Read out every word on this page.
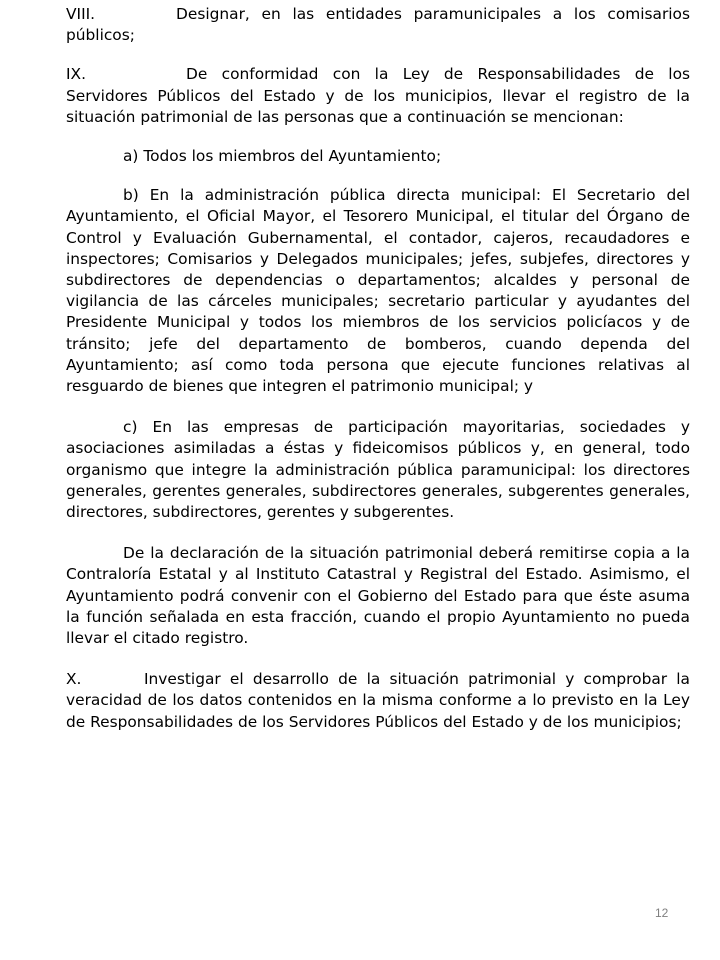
VIII.	Designar, en las entidades paramunicipales a los comisarios públicos;

IX.	De conformidad con la Ley de Responsabilidades de los Servidores Públicos del Estado y de los municipios, llevar el registro de la situación patrimonial de las personas que a continuación se mencionan:

a) Todos los miembros del Ayuntamiento;

b) En la administración pública directa municipal: El Secretario del Ayuntamiento, el Oficial Mayor, el Tesorero Municipal, el titular del Órgano de Control y Evaluación Gubernamental, el contador, cajeros, recaudadores e inspectores; Comisarios y Delegados municipales; jefes, subjefes, directores y subdirectores de dependencias o departamentos; alcaldes y personal de vigilancia de las cárceles municipales; secretario particular y ayudantes del Presidente Municipal y todos los miembros de los servicios policíacos y de tránsito; jefe del departamento de bomberos, cuando dependa del Ayuntamiento; así como toda persona que ejecute funciones relativas al resguardo de bienes que integren el patrimonio municipal; y

c) En las empresas de participación mayoritarias, sociedades y asociaciones asimiladas a éstas y fideicomisos públicos y, en general, todo organismo que integre la administración pública paramunicipal: los directores generales, gerentes generales, subdirectores generales, subgerentes generales, directores, subdirectores, gerentes y subgerentes.

De la declaración de la situación patrimonial deberá remitirse copia a la Contraloría Estatal y al Instituto Catastral y Registral del Estado. Asimismo, el Ayuntamiento podrá convenir con el Gobierno del Estado para que éste asuma la función señalada en esta fracción, cuando el propio Ayuntamiento no pueda llevar el citado registro.

X.	Investigar el desarrollo de la situación patrimonial y comprobar la veracidad de los datos contenidos en la misma conforme a lo previsto en la Ley de Responsabilidades de los Servidores Públicos del Estado y de los municipios;

12
